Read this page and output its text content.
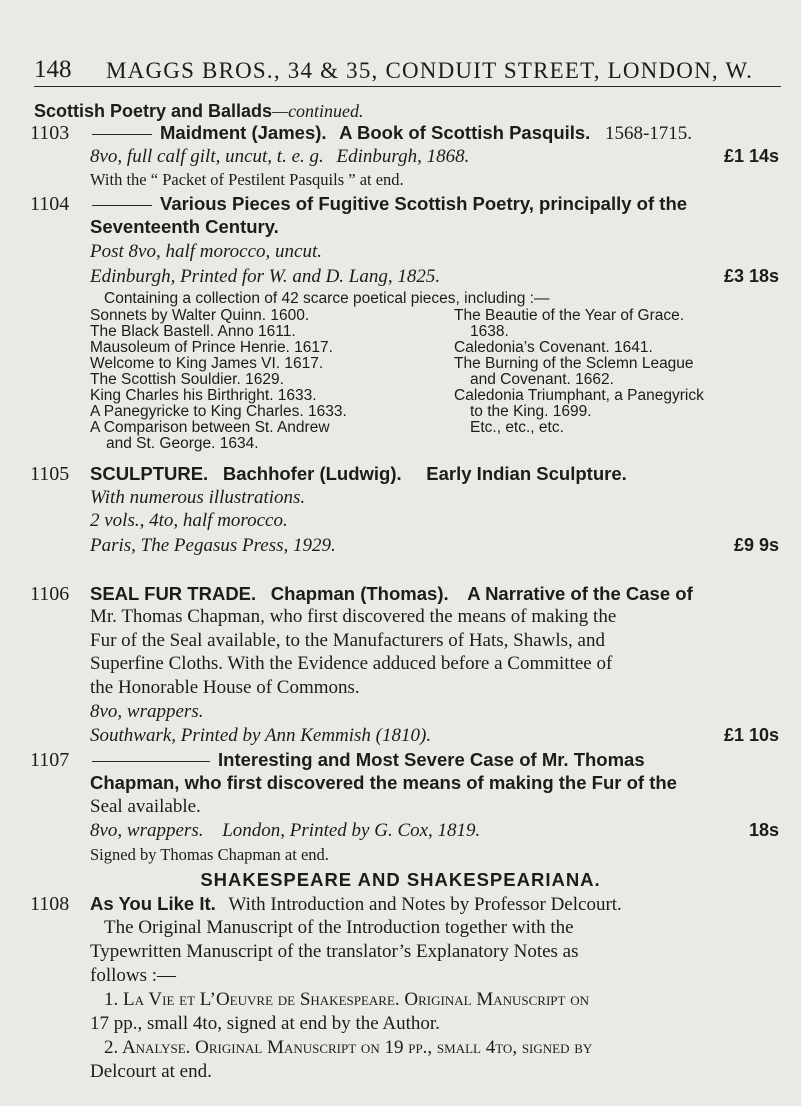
148 MAGGS BROS., 34 & 35, CONDUIT STREET, LONDON, W.
Scottish Poetry and Ballads—continued.
1103	Maidment (James). A Book of Scottish Pasquils. 1568-1715.
8vo, full calf gilt, uncut, t. e. g. Edinburgh, 1868.	£1 14s
With the “ Packet of Pestilent Pasquils ” at end.
1104	Various Pieces of Fugitive Scottish Poetry, principally of the
Seventeenth Century.
Post 8vo, half morocco, uncut.
Edinburgh, Printed for W. and D. Lang, 1825.	£3 18s
Containing a collection of 42 scarce poetical pieces, including :—
Sonnets by Walter Quinn. 1600.
The Black Bastell. Anno 1611.
Mausoleum of Prince Henrie. 1617.
Welcome to King James VI. 1617.
The Scottish Souldier. 1629.
King Charles his Birthright. 1633.
A Panegyricke to King Charles. 1633.
A Comparison between St. Andrew
and St. George. 1634.
The Beautie of the Year of Grace.
1638.
Caledonia’s Covenant. 1641.
The Burning of the Sclemn League
and Covenant. 1662.
Caledonia Triumphant, a Panegyrick
to the King. 1699.
Etc., etc., etc.
1105 SCULPTURE. Bachhofer (Ludwig). Early Indian Sculpture.
With numerous illustrations.
2 vols., 4to, half morocco.
Paris, The Pegasus Press, 1929.	£9 9s
1106 SEAL FUR TRADE. Chapman (Thomas). A Narrative of the Case of
Mr. Thomas Chapman, who first discovered the means of making the
Fur of the Seal available, to the Manufacturers of Hats, Shawls, and
Superfine Cloths. With the Evidence adduced before a Committee of
the Honorable House of Commons.
8vo, wrappers.
Southwark, Printed by Ann Kemmish (1810).	£1 10s
1107	Interesting and Most Severe Case of Mr. Thomas
Chapman, who first discovered the means of making the Fur of the
Seal available.
8vo, wrappers. London, Printed by G. Cox, 1819.	18s
Signed by Thomas Chapman at end.
SHAKESPEARE AND SHAKESPEARIANA.
1108 As You Like It. With Introduction and Notes by Professor Delcourt.
The Original Manuscript of the Introduction together with the
Typewritten Manuscript of the translator’s Explanatory Notes as
follows :—
1. La Vie et L’Oeuvre de Shakespeare. Original Manuscript on
17 pp., small 4to, signed at end by the Author.
2. Analyse. Original Manuscript on 19 pp., small 4to, signed by
Delcourt at end.
